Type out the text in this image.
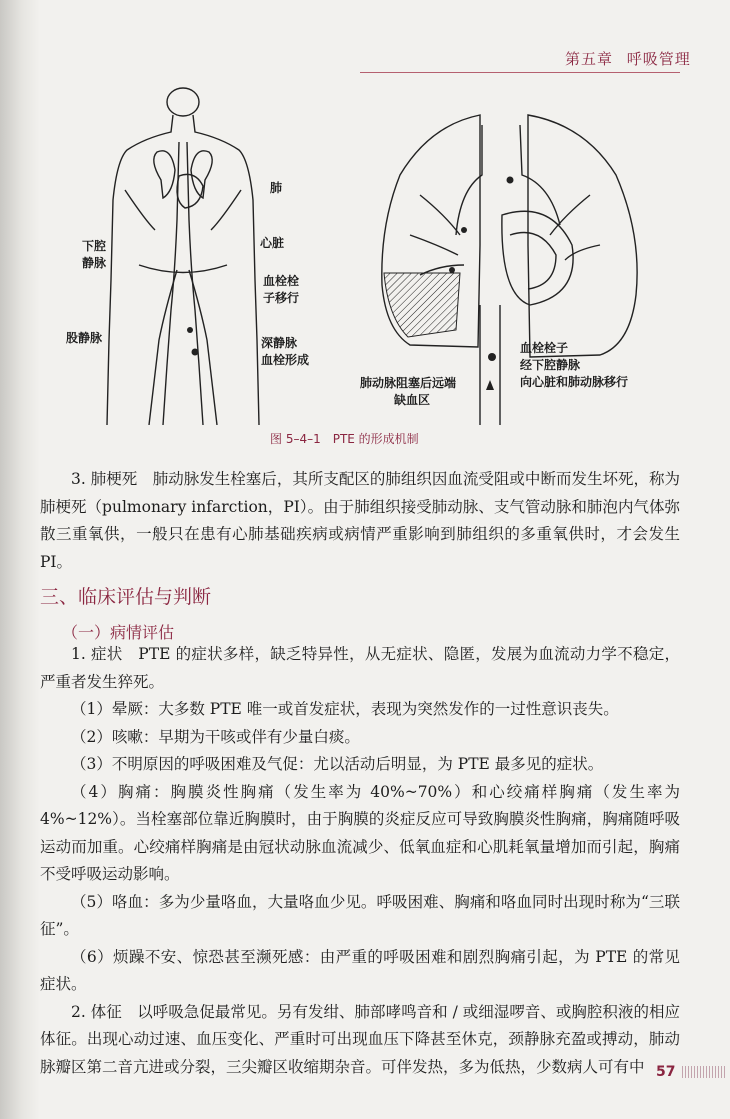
第五章 呼吸管理
肺
心脏
下腔
静脉
血栓栓
子移行
股静脉	深静脉
血栓形成
肺动脉阻塞后远端
缺血区
血栓栓子
经下腔静脉
向心脏和肺动脉移行
图 5–4–1　PTE 的形成机制

3. 肺梗死　肺动脉发生栓塞后，其所支配区的肺组织因血流受阻或中断而发生坏死，称为肺梗死（pulmonary infarction，PI）。由于肺组织接受肺动脉、支气管动脉和肺泡内气体弥散三重氧供，一般只在患有心肺基础疾病或病情严重影响到肺组织的多重氧供时，才会发生 PI。

三、临床评估与判断
（一）病情评估

1. 症状　PTE 的症状多样，缺乏特异性，从无症状、隐匿，发展为血流动力学不稳定，严重者发生猝死。

（1）晕厥：大多数 PTE 唯一或首发症状，表现为突然发作的一过性意识丧失。

（2）咳嗽：早期为干咳或伴有少量白痰。

（3）不明原因的呼吸困难及气促：尤以活动后明显，为 PTE 最多见的症状。

（4）胸痛：胸膜炎性胸痛（发生率为 40%~70%）和心绞痛样胸痛（发生率为 4%~12%）。当栓塞部位靠近胸膜时，由于胸膜的炎症反应可导致胸膜炎性胸痛，胸痛随呼吸运动而加重。心绞痛样胸痛是由冠状动脉血流减少、低氧血症和心肌耗氧量增加而引起，胸痛不受呼吸运动影响。

（5）咯血：多为少量咯血，大量咯血少见。呼吸困难、胸痛和咯血同时出现时称为“三联征”。

（6）烦躁不安、惊恐甚至濒死感：由严重的呼吸困难和剧烈胸痛引起，为 PTE 的常见症状。

2. 体征　以呼吸急促最常见。另有发绀、肺部哮鸣音和 / 或细湿啰音、或胸腔积液的相应体征。出现心动过速、血压变化、严重时可出现血压下降甚至休克，颈静脉充盈或搏动，肺动脉瓣区第二音亢进或分裂，三尖瓣区收缩期杂音。可伴发热，多为低热，少数病人可有中 57
